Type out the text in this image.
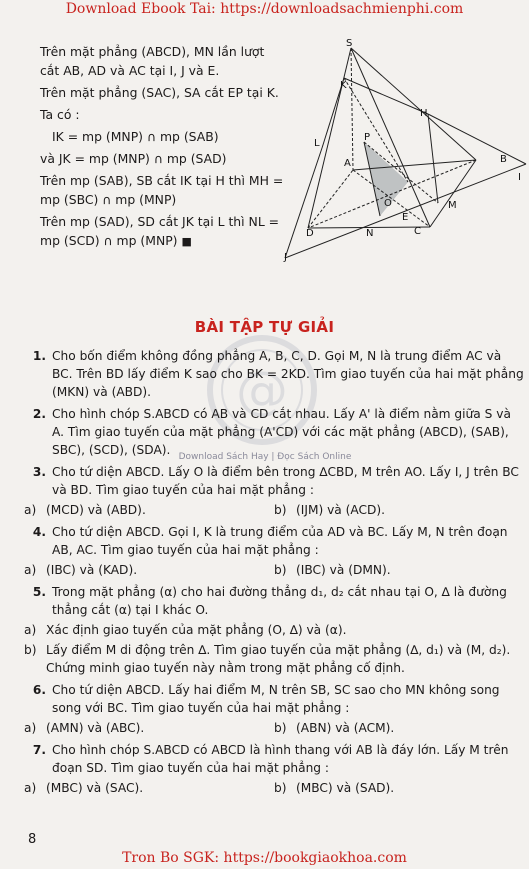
Download Ebook Tai: https://downloadsachmienphi.com

Trên mặt phẳng (ABCD), MN lần lượt cắt AB, AD và AC tại I, J và E.

Trên mặt phẳng (SAC), SA cắt EP tại K.

Ta có :

IK = mp (MNP) ∩ mp (SAB)

và JK = mp (MNP) ∩ mp (SAD)

Trên mp (SAB), SB cắt IK tại H thì MH = mp (SBC) ∩ mp (MNP)

Trên mp (SAD), SD cắt JK tại L thì NL = mp (SCD) ∩ mp (MNP) ■

S
K
H
L
P
A	B
I
O	M
E
D	N	C
J
BÀI TẬP TỰ GIẢI
@
Download Sách Hay | Đọc Sách Online
1. Cho bốn điểm không đồng phẳng A, B, C, D. Gọi M, N là trung điểm AC và BC. Trên BD lấy điểm K sao cho BK = 2KD. Tìm giao tuyến của hai mặt phẳng (MKN) và (ABD).
2. Cho hình chóp S.ABCD có AB và CD cắt nhau. Lấy A' là điểm nằm giữa S và A. Tìm giao tuyến của mặt phẳng (A'CD) với các mặt phẳng (ABCD), (SAB), SBC), (SCD), (SDA).
3. Cho tứ diện ABCD. Lấy O là điểm bên trong ∆CBD, M trên AO. Lấy I, J trên BC và BD. Tìm giao tuyến của hai mặt phẳng :
a) (MCD) và (ABD).	b) (IJM) và (ACD).
4. Cho tứ diện ABCD. Gọi I, K là trung điểm của AD và BC. Lấy M, N trên đoạn AB, AC. Tìm giao tuyến của hai mặt phẳng :
a) (IBC) và (KAD).	b) (IBC) và (DMN).
5. Trong mặt phẳng (α) cho hai đường thẳng d₁, d₂ cắt nhau tại O, ∆ là đường thẳng cắt (α) tại I khác O.
a) Xác định giao tuyến của mặt phẳng (O, ∆) và (α).
b) Lấy điểm M di động trên ∆. Tìm giao tuyến của mặt phẳng (∆, d₁) và (M, d₂). Chứng minh giao tuyến này nằm trong mặt phẳng cố định.
6. Cho tứ diện ABCD. Lấy hai điểm M, N trên SB, SC sao cho MN không song song với BC. Tìm giao tuyến của hai mặt phẳng :
a) (AMN) và (ABC).	b) (ABN) và (ACM).
7. Cho hình chóp S.ABCD có ABCD là hình thang với AB là đáy lớn. Lấy M trên đoạn SD. Tìm giao tuyến của hai mặt phẳng :
a) (MBC) và (SAC).	b) (MBC) và (SAD).
8
Tron Bo SGK: https://bookgiaokhoa.com
